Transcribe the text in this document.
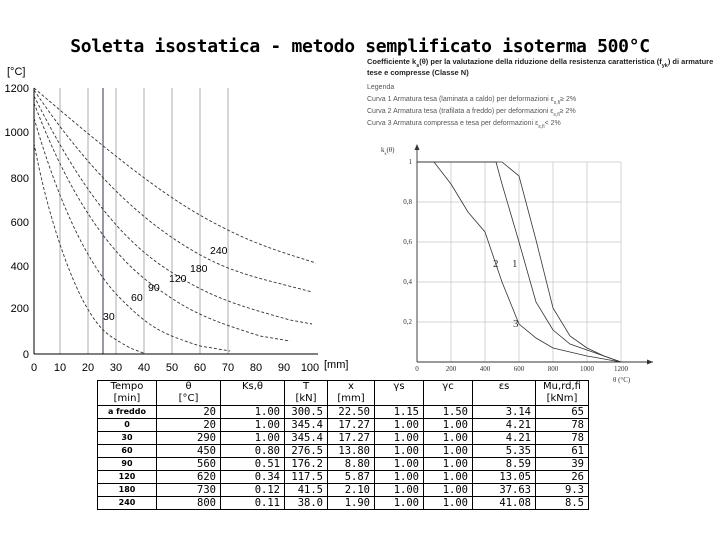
Soletta isostatica - metodo semplificato isoterma 500°C
[°C]
0
200
400
600
800
1000
1200
0 10 20 30 40 50 60 70 80 90 100 [mm]
30
60
90
120
180
240
Coefficiente $k_s(\theta)$ per la valutazione della riduzione della resistenza caratteristica $(f_{yk})$ di armature
tese e compresse (Classe N)
Legenda
Curva 1 Armatura tesa (laminata a caldo) per deformazioni $\varepsilon_{s,fi}\ge 2\%$
Curva 2 Armatura tesa (trafilata a freddo) per deformazioni $\varepsilon_{s,fi}\ge 2\%$
Curva 3 Armatura compressa e tesa per deformazioni $\varepsilon_{s,fi}< 2\%$
$k_s(\theta)$
2 1
3
0,2
0,4
0,6
0,8
1
0	200	400	600	800	1000	1200
θ (°C)
Tempo	θ	Ks,θ	T	x	γs	γc	εs	Mu,rd,fi
[min]	[°C]		[kN]	[mm]				[kNm]
a freddo	20	1.00	300.5	22.50	1.15	1.50	3.14	65
0	20	1.00	345.4	17.27	1.00	1.00	4.21	78
30	290	1.00	345.4	17.27	1.00	1.00	4.21	78
60	450	0.80	276.5	13.80	1.00	1.00	5.35	61
90	560	0.51	176.2	8.80	1.00	1.00	8.59	39
120	620	0.34	117.5	5.87	1.00	1.00	13.05	26
180	730	0.12	41.5	2.10	1.00	1.00	37.63	9.3
240	800	0.11	38.0	1.90	1.00	1.00	41.08	8.5
